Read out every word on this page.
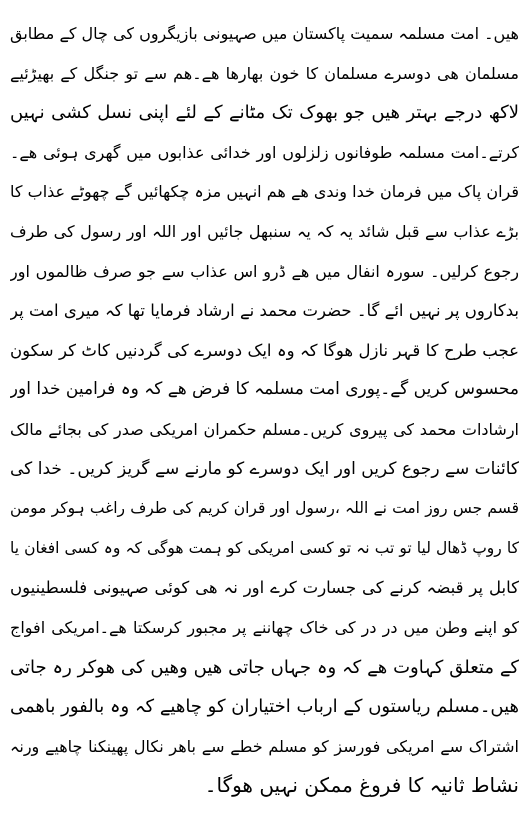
هیں۔ امت مسلمہ سمیت پاکستان میں صہیونی بازیگروں کی چال کے مطابق
مسلمان ھی دوسرے مسلمان کا خون بھارھا ھے۔ھم سے تو جنگل کے بھیڑئیے
لاکھ درجے بہتر ھیں جو بھوک تک مٹانے کے لئے اپنی نسل کشی نہیں
کرتے۔امت مسلمہ طوفانوں زلزلوں اور خدائی عذابوں میں گھری ہوئی ھے۔
قران پاک میں فرمان خدا وندی ھے ھم انہیں مزہ چکھائیں گے چھوٹے عذاب کا
بڑے عذاب سے قبل شائد یہ کہ یہ سنبھل جائیں اور اللہ اور رسول کی طرف
رجوع کرلیں۔ سورہ انفال میں ھے ڈرو اس عذاب سے جو صرف ظالموں اور
بدکاروں پر نہیں ائے گا۔ حضرت محمد نے ارشاد فرمایا تھا کہ میری امت پر
عجب طرح کا قہر نازل ھوگا کہ وہ ایک دوسرے کی گردنیں کاٹ کر سکون
محسوس کریں گے۔پوری امت مسلمہ کا فرض ھے کہ وہ فرامین خدا اور
ارشادات محمد کی پیروی کریں۔مسلم حکمران امریکی صدر کی بجائے مالک
کائنات سے رجوع کریں اور ایک دوسرے کو مارنے سے گریز کریں۔ خدا کی
قسم جس روز امت نے اللہ ،رسول اور قران کریم کی طرف راغب ہوکر مومن
کا روپ ڈھال لیا تو تب نہ تو کسی امریکی کو ہمت ھوگی کہ وہ کسی افغان یا
کابل پر قبضہ کرنے کی جسارت کرے اور نہ ھی کوئی صہیونی فلسطینیوں
کو اپنے وطن میں در در کی خاک چھاننے پر مجبور کرسکتا ھے۔امریکی افواج
کے متعلق کہاوت ھے کہ وہ جہاں جاتی ھیں وھیں کی ھوکر رہ جاتی
ھیں۔مسلم ریاستوں کے ارباب اختیاران کو چاھیے کہ وہ بالفور باھمی
اشتراک سے امریکی فورسز کو مسلم خطے سے باھر نکال پھینکنا چاھیے ورنہ
نشاط ثانیہ کا فروغ ممکن نہیں ھوگا۔
